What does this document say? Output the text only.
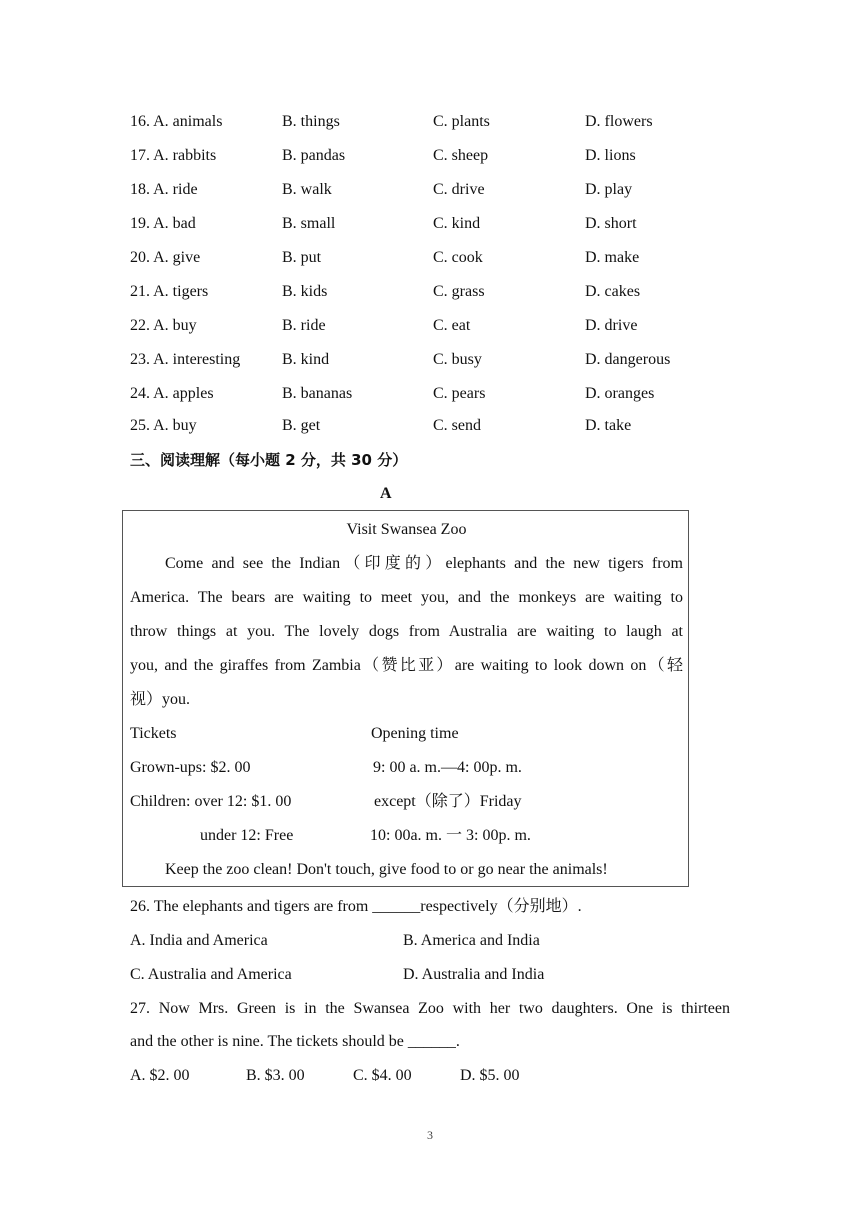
16. A. animals	B. things	C. plants	D. flowers
17. A. rabbits	B. pandas	C. sheep	D. lions
18. A. ride	B. walk	C. drive	D. play
19. A. bad	B. small	C. kind	D. short
20. A. give	B. put	C. cook	D. make
21. A. tigers	B. kids	C. grass	D. cakes
22. A. buy	B. ride	C. eat	D. drive
23. A. interesting	B. kind	C. busy	D. dangerous
24. A. apples	B. bananas	C. pears	D. oranges
25. A. buy	B. get	C. send	D. take
三、阅读理解（每小题 2 分，共 30 分）
A
Visit Swansea Zoo
Come and see the Indian（印度的）elephants and the new tigers from
America. The bears are waiting to meet you, and the monkeys are waiting to
throw things at you. The lovely dogs from Australia are waiting to laugh at
you, and the giraffes from Zambia（赞比亚）are waiting to look down on（轻
视）you.
Tickets	Opening time
Grown-ups: $2. 00	9: 00 a. m.—4: 00p. m.
Children: over 12: $1. 00	except（除了）Friday
under 12: Free	10: 00a. m. 一 3: 00p. m.
Keep the zoo clean! Don't touch, give food to or go near the animals!
26. The elephants and tigers are from ______respectively（分别地）.
A. India and America	B. America and India
C. Australia and America	D. Australia and India
27. Now Mrs. Green is in the Swansea Zoo with her two daughters. One is thirteen
and the other is nine. The tickets should be ______.
A. $2. 00	B. $3. 00	C. $4. 00	D. $5. 00
3
